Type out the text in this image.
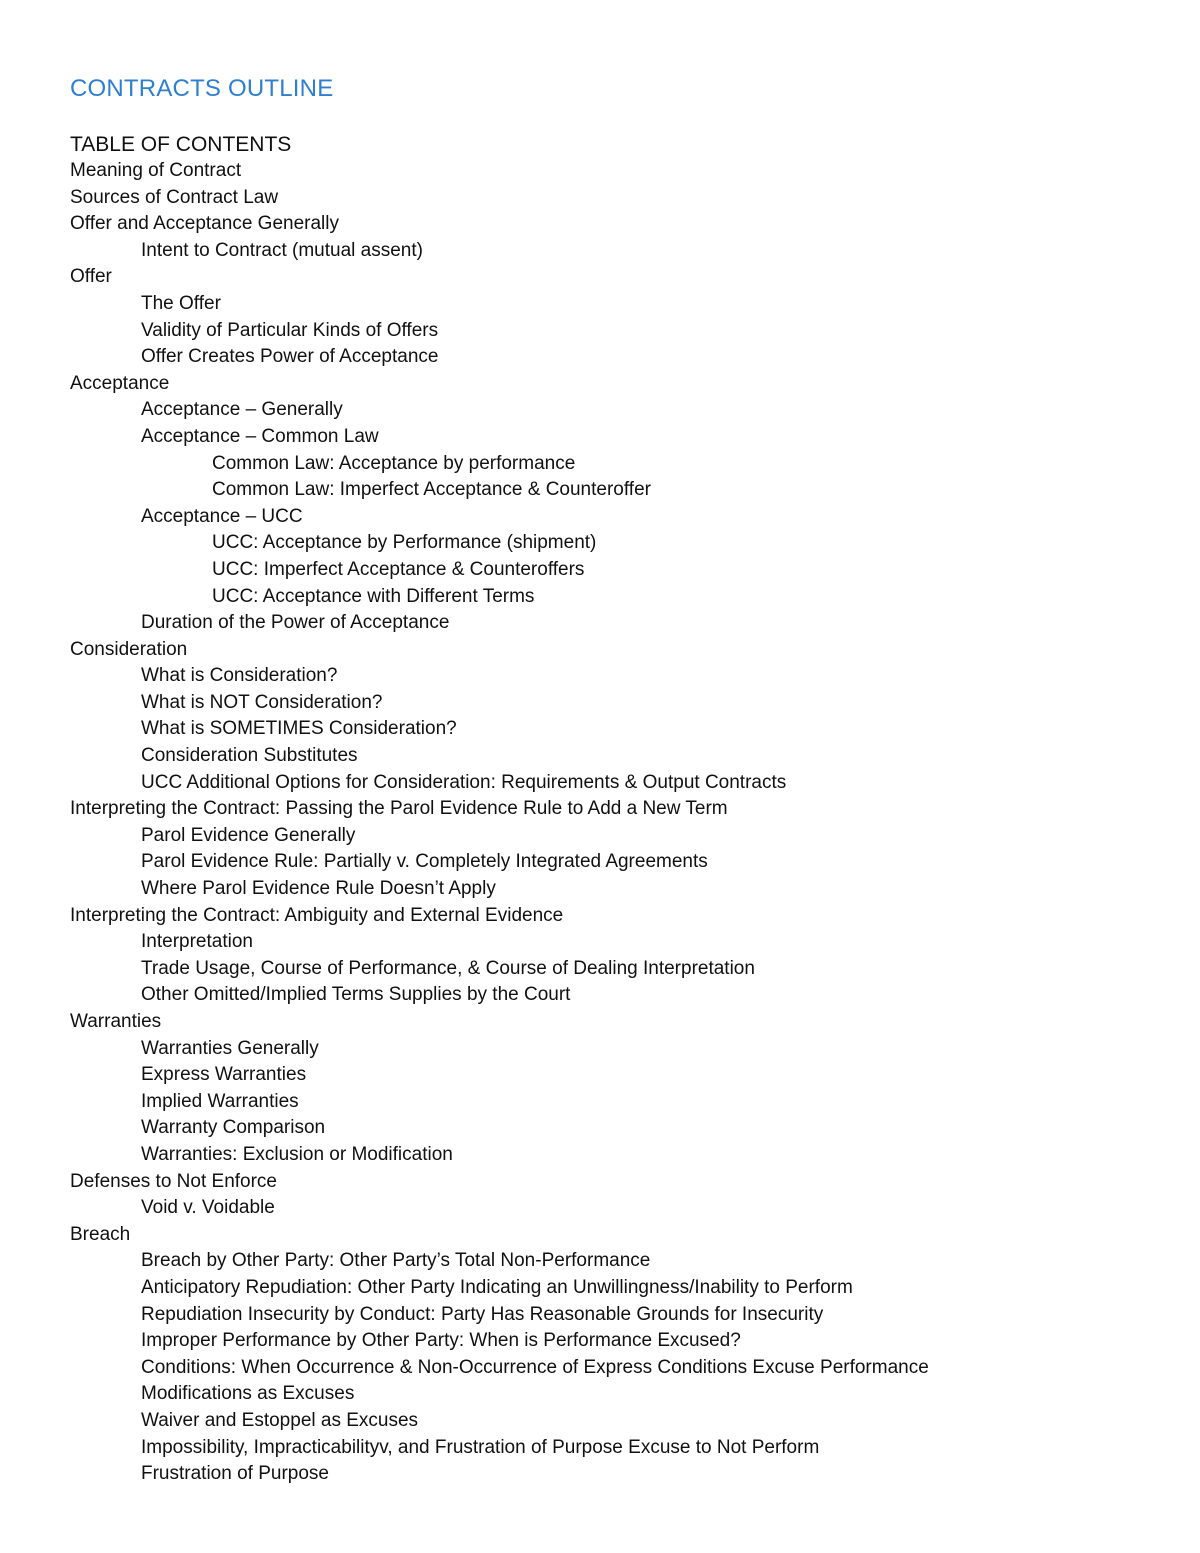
CONTRACTS OUTLINE
TABLE OF CONTENTS
Meaning of Contract
Sources of Contract Law
Offer and Acceptance Generally
Intent to Contract (mutual assent)
Offer
The Offer
Validity of Particular Kinds of Offers
Offer Creates Power of Acceptance
Acceptance
Acceptance – Generally
Acceptance – Common Law
Common Law: Acceptance by performance
Common Law: Imperfect Acceptance & Counteroffer
Acceptance – UCC
UCC: Acceptance by Performance (shipment)
UCC: Imperfect Acceptance & Counteroffers
UCC: Acceptance with Different Terms
Duration of the Power of Acceptance
Consideration
What is Consideration?
What is NOT Consideration?
What is SOMETIMES Consideration?
Consideration Substitutes
UCC Additional Options for Consideration: Requirements & Output Contracts
Interpreting the Contract: Passing the Parol Evidence Rule to Add a New Term
Parol Evidence Generally
Parol Evidence Rule: Partially v. Completely Integrated Agreements
Where Parol Evidence Rule Doesn’t Apply
Interpreting the Contract: Ambiguity and External Evidence
Interpretation
Trade Usage, Course of Performance, & Course of Dealing Interpretation
Other Omitted/Implied Terms Supplies by the Court
Warranties
Warranties Generally
Express Warranties
Implied Warranties
Warranty Comparison
Warranties: Exclusion or Modification
Defenses to Not Enforce
Void v. Voidable
Breach
Breach by Other Party: Other Party’s Total Non-Performance
Anticipatory Repudiation: Other Party Indicating an Unwillingness/Inability to Perform
Repudiation Insecurity by Conduct: Party Has Reasonable Grounds for Insecurity
Improper Performance by Other Party: When is Performance Excused?
Conditions: When Occurrence & Non-Occurrence of Express Conditions Excuse Performance
Modifications as Excuses
Waiver and Estoppel as Excuses
Impossibility, Impracticabilityv, and Frustration of Purpose Excuse to Not Perform
Frustration of Purpose
